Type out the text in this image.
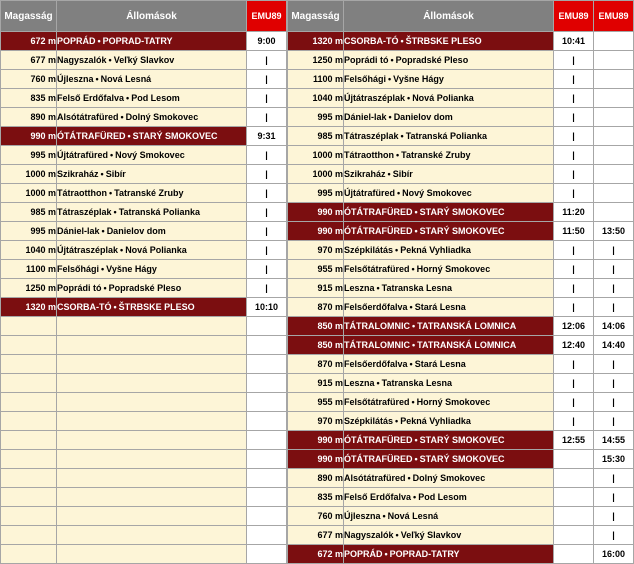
Magasság	Állomások	EMU89
672 m	POPRÁD • POPRAD-TATRY	9:00
677 m	Nagyszalók • Veľký Slavkov	|
760 m	Újleszna • Nová Lesná	|
835 m	Felső Erdőfalva • Pod Lesom	|
890 m	Alsótátrafüred • Dolný Smokovec	|
990 m	ÓTÁTRAFÜRED • STARÝ SMOKOVEC	9:31
995 m	Újtátrafüred • Nový Smokovec	|
1000 m	Szikraház • Sibír	|
1000 m	Tátraotthon • Tatranské Zruby	|
985 m	Tátraszéplak • Tatranská Polianka	|
995 m	Dániel-lak • Danielov dom	|
1040 m	Újtátraszéplak • Nová Polianka	|
1100 m	Felsőhági • Vyšne Hágy	|
1250 m	Poprádi tó • Popradské Pleso	|
1320 m	CSORBA-TÓ • ŠTRBSKE PLESO	10:10

Magasság	Állomások	EMU89	EMU89
1320 m	CSORBA-TÓ • ŠTRBSKE PLESO	10:41	
1250 m	Poprádi tó • Popradské Pleso	|	
1100 m	Felsőhági • Vyšne Hágy	|	
1040 m	Újtátraszéplak • Nová Polianka	|	
995 m	Dániel-lak • Danielov dom	|	
985 m	Tátraszéplak • Tatranská Polianka	|	
1000 m	Tátraotthon • Tatranské Zruby	|	
1000 m	Szikraház • Sibír	|	
995 m	Újtátrafüred • Nový Smokovec	|	
990 m	ÓTÁTRAFÜRED • STARÝ SMOKOVEC	11:20	
990 m	ÓTÁTRAFÜRED • STARÝ SMOKOVEC	11:50	13:50
970 m	Szépkilátás • Pekná Vyhliadka	|	|
955 m	Felsőtátrafüred • Horný Smokovec	|	|
915 m	Leszna • Tatranska Lesna	|	|
870 m	Felsőerdőfalva • Stará Lesna	|	|
850 m	TÁTRALOMNIC • TATRANSKÁ LOMNICA	12:06	14:06
850 m	TÁTRALOMNIC • TATRANSKÁ LOMNICA	12:40	14:40
870 m	Felsőerdőfalva • Stará Lesna	|	|
915 m	Lesznа • Tatranska Lesna	|	|
955 m	Felsőtátrafüred • Horný Smokovec	|	|
970 m	Szépkilátás • Pekná Vyhliadka	|	|
990 m	ÓTÁTRAFÜRED • STARÝ SMOKOVEC	12:55	14:55
990 m	ÓTÁTRAFÜRED • STARÝ SMOKOVEC		15:30
890 m	Alsótátrafüred • Dolný Smokovec		|
835 m	Felső Erdőfalva • Pod Lesom		|
760 m	Újleszna • Nová Lesná		|
677 m	Nagyszalók • Veľký Slavkov		|
672 m	POPRÁD • POPRAD-TATRY		16:00
